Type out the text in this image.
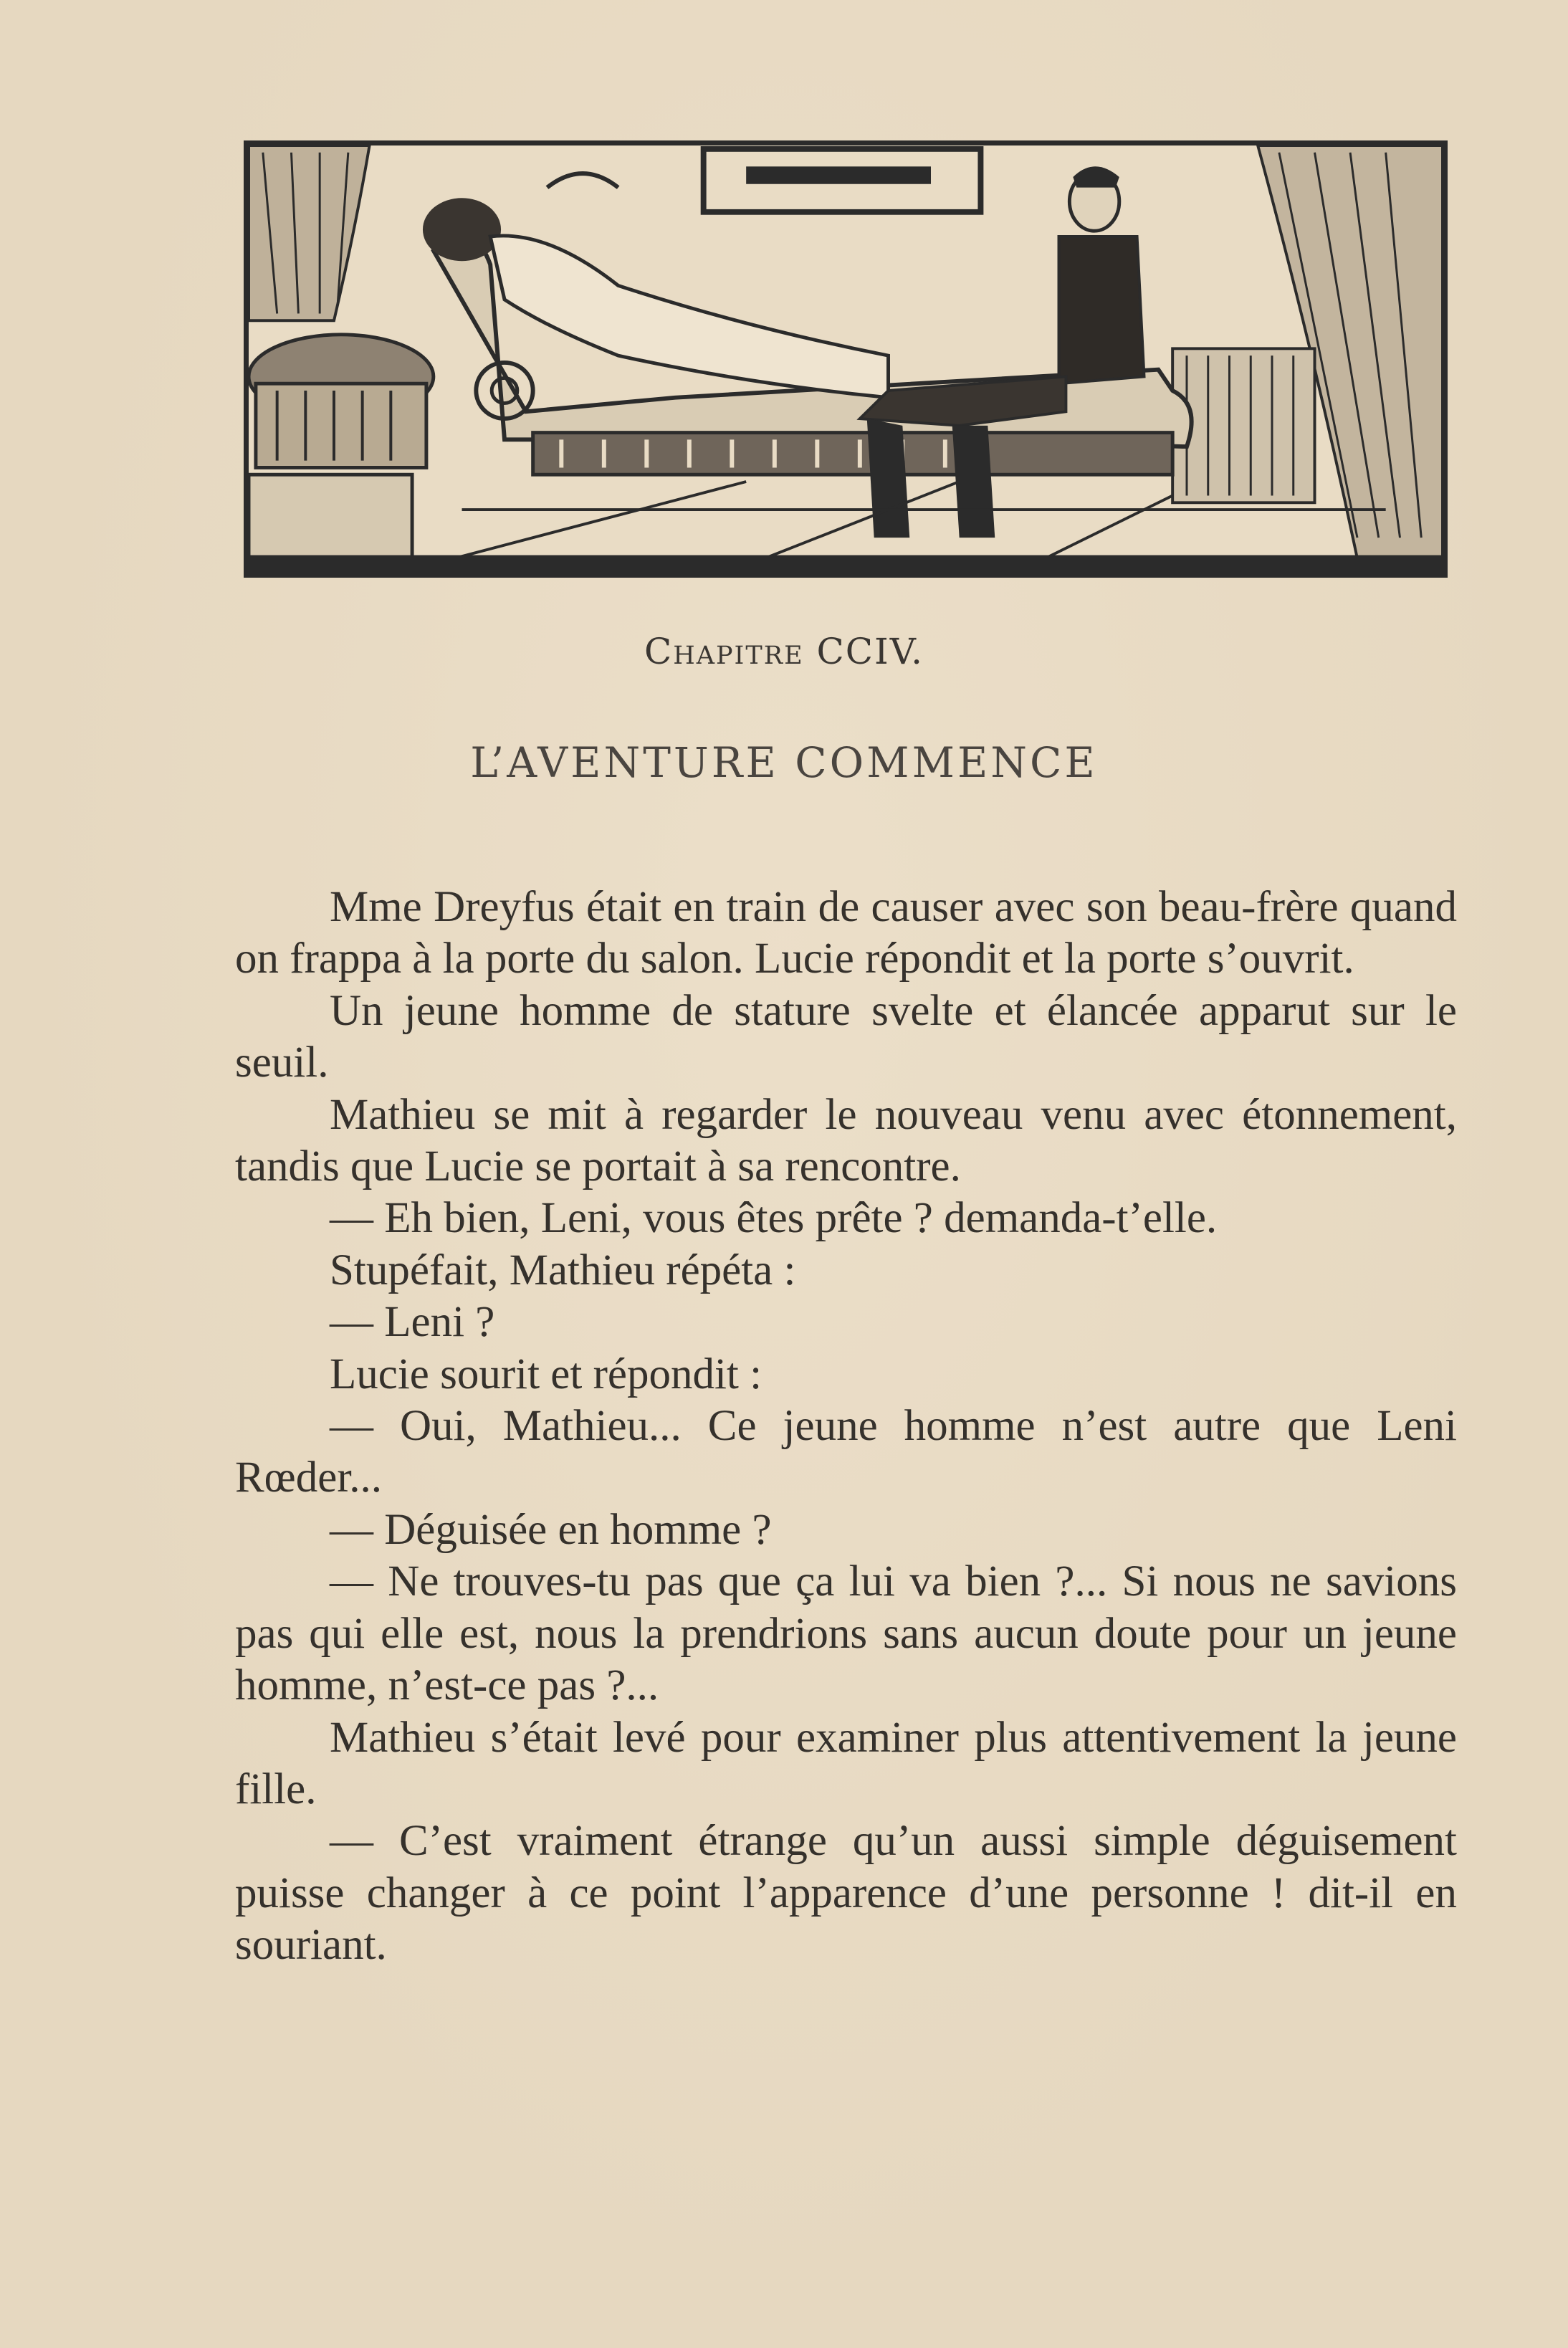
Chapitre CCIV.
L’AVENTURE COMMENCE

Mme Dreyfus était en train de causer avec son beau-frère quand on frappa à la porte du salon. Lucie répondit et la porte s’ouvrit.

Un jeune homme de stature svelte et élancée apparut sur le seuil.

Mathieu se mit à regarder le nouveau venu avec étonnement, tandis que Lucie se portait à sa rencontre.

— Eh bien, Leni, vous êtes prête ? demanda-t’elle.

Stupéfait, Mathieu répéta :

— Leni ?

Lucie sourit et répondit :

— Oui, Mathieu... Ce jeune homme n’est autre que Leni Rœder...

— Déguisée en homme ?

— Ne trouves-tu pas que ça lui va bien ?... Si nous ne savions pas qui elle est, nous la prendrions sans aucun doute pour un jeune homme, n’est-ce pas ?...

Mathieu s’était levé pour examiner plus attentivement la jeune fille.

— C’est vraiment étrange qu’un aussi simple déguisement puisse changer à ce point l’apparence d’une personne ! dit-il en souriant.
